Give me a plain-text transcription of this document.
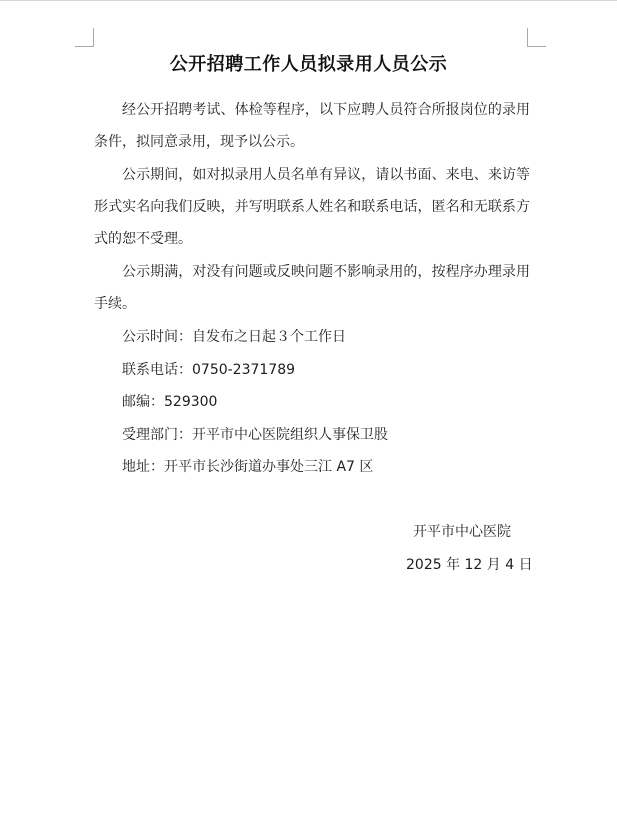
公开招聘工作人员拟录用人员公示
经公开招聘考试、体检等程序，以下应聘人员符合所报岗位的录用条件，拟同意录用，现予以公示。
公示期间，如对拟录用人员名单有异议，请以书面、来电、来访等形式实名向我们反映，并写明联系人姓名和联系电话，匿名和无联系方式的恕不受理。
公示期满，对没有问题或反映问题不影响录用的，按程序办理录用手续。
公示时间：自发布之日起３个工作日
联系电话：0750-2371789
邮编：529300
受理部门：开平市中心医院组织人事保卫股
地址：开平市长沙街道办事处三江 A7 区
开平市中心医院
2025 年 12 月 4 日
